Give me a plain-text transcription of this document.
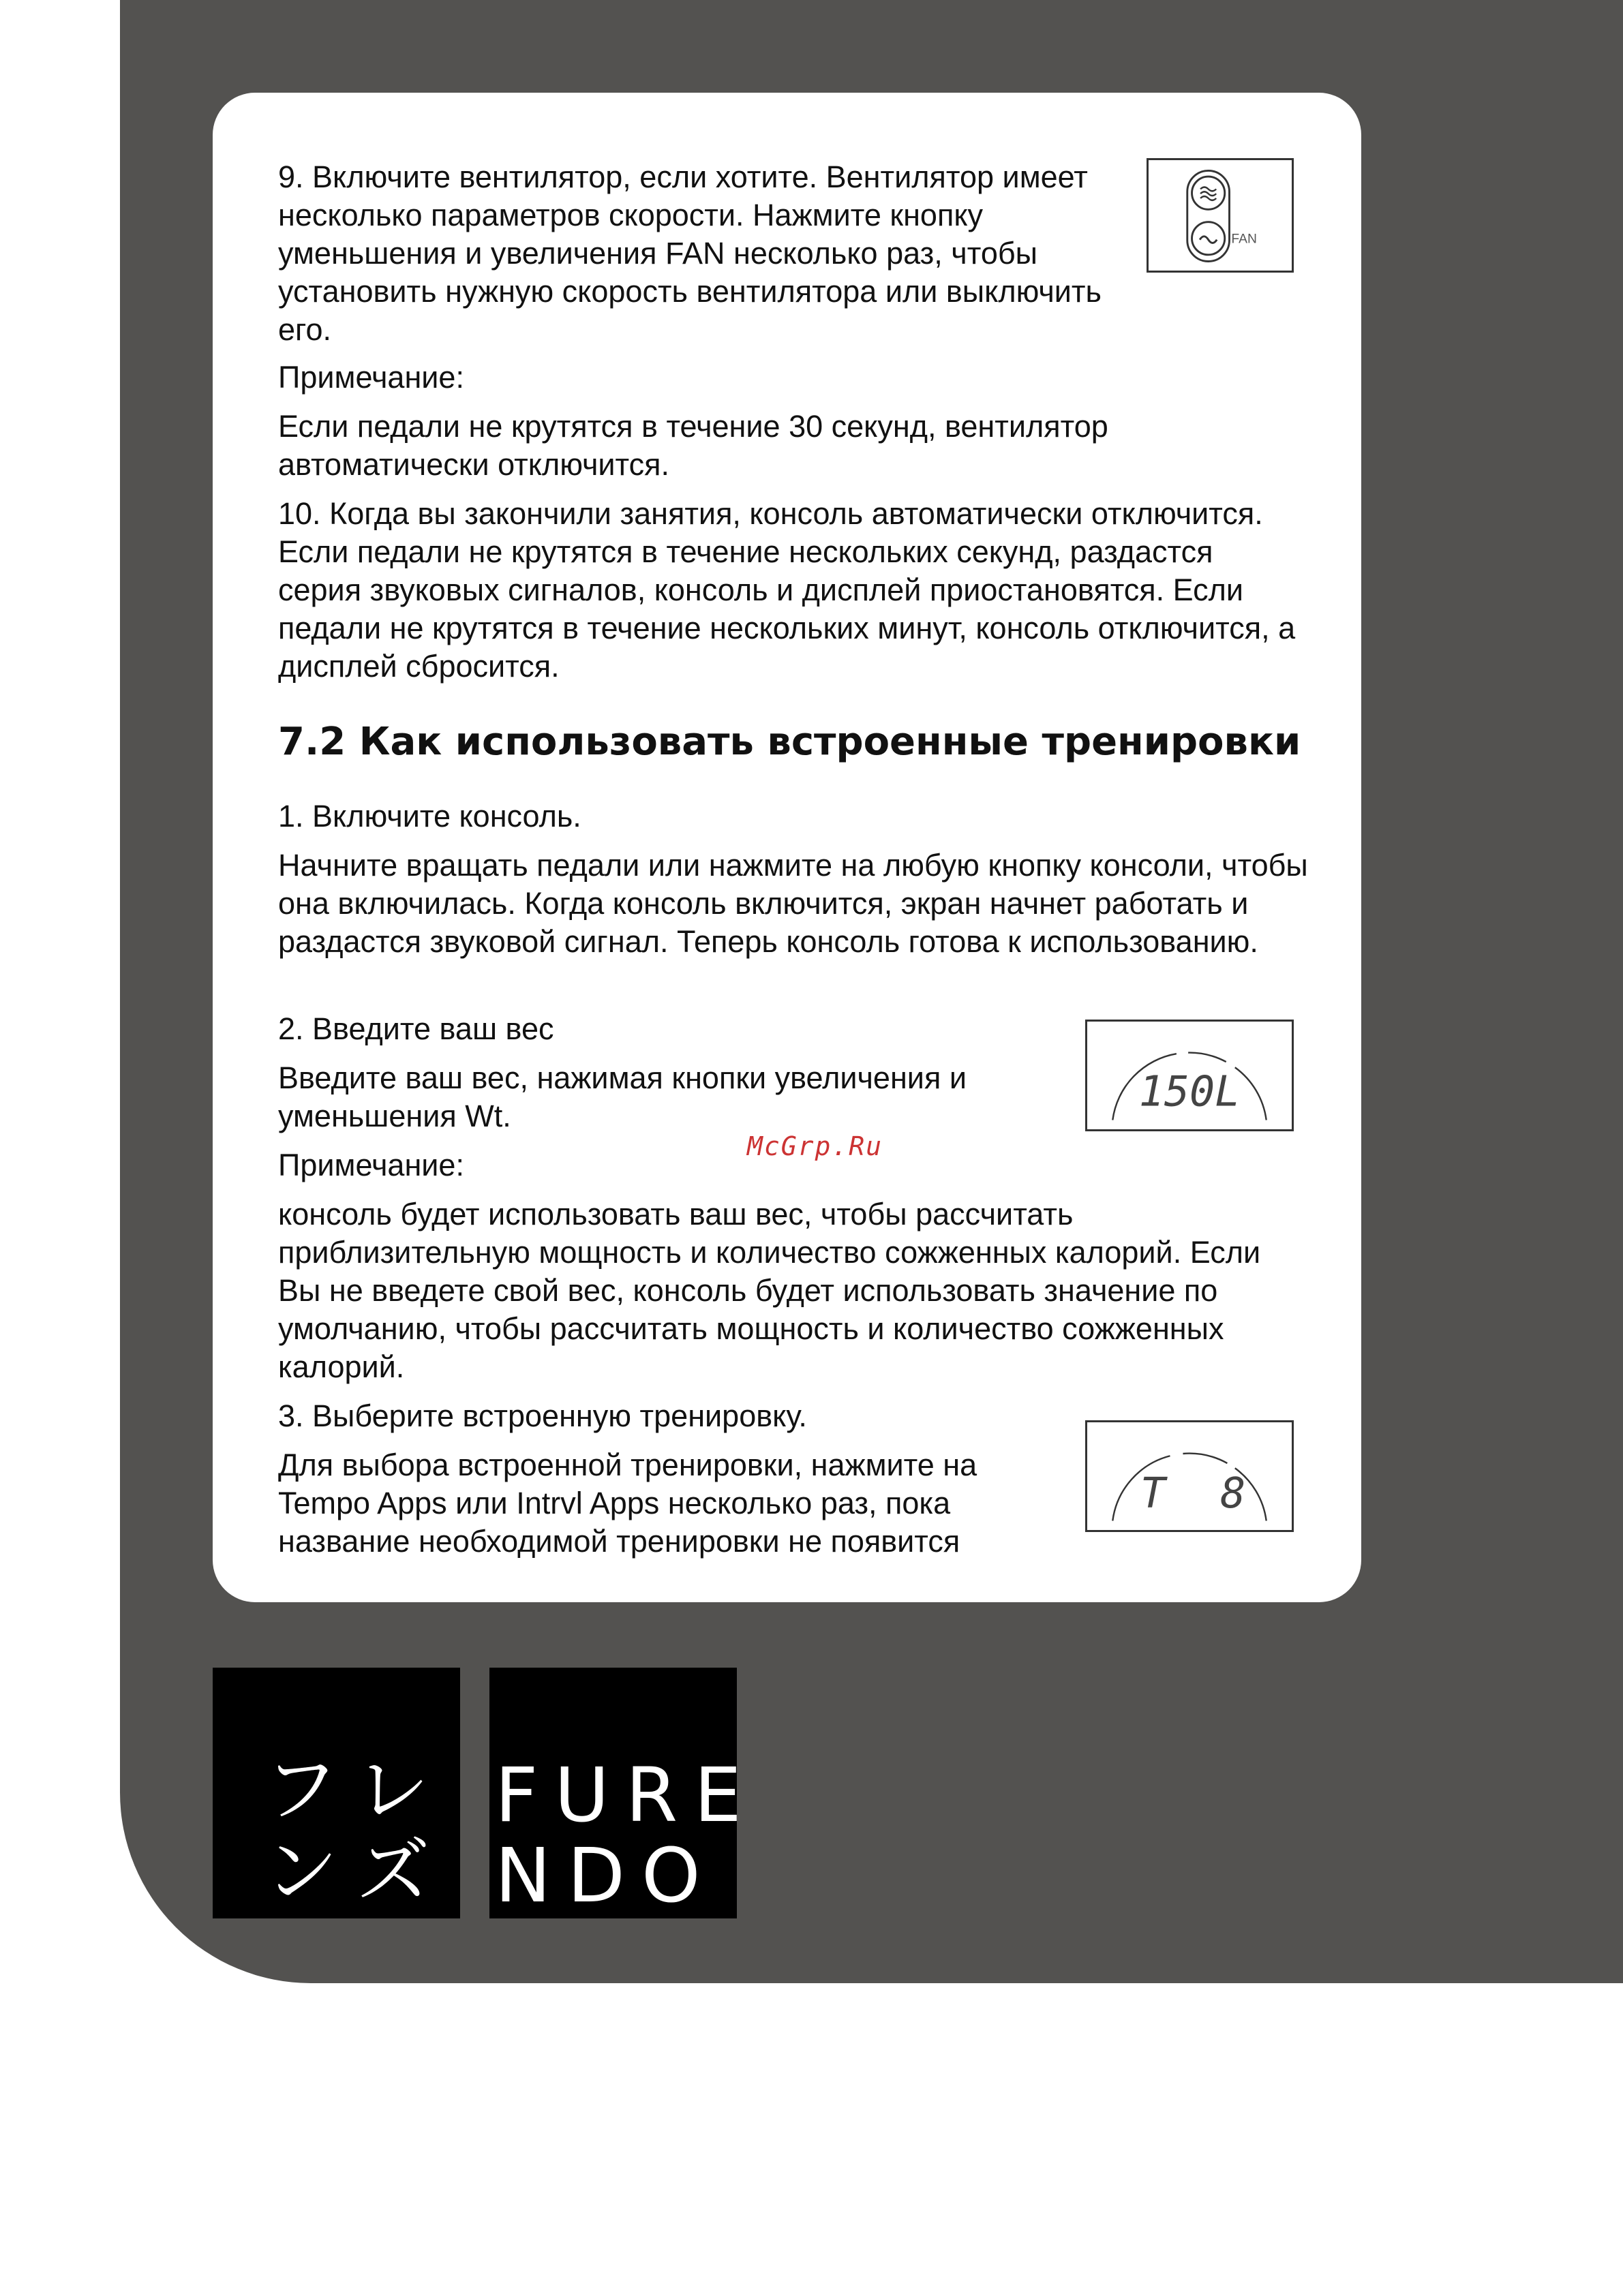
9. Включите вентилятор, если хотите. Вентилятор имеет несколько параметров скорости. Нажмите кнопку уменьшения и увеличения FAN несколько раз, чтобы установить нужную скорость вентилятора или выключить его.

Примечание:

Если педали не крутятся в течение 30 секунд, вентилятор автоматически отключится.

10. Когда вы закончили занятия, консоль автоматически отключится. Если педали не крутятся в течение нескольких секунд, раздастся серия звуковых сигналов, консоль и дисплей приостановятся. Если педали не крутятся в течение нескольких минут, консоль отключится, а дисплей сбросится.

7.2 Как использовать встроенные тренировки

1. Включите консоль.

Начните вращать педали или нажмите на любую кнопку консоли, чтобы она включилась. Когда консоль включится, экран начнет работать и раздастся звуковой сигнал. Теперь консоль готова к использованию.

2. Введите ваш вес

Введите ваш вес, нажимая кнопки увеличения и уменьшения Wt.

Примечание:

консоль будет использовать ваш вес, чтобы рассчитать приблизительную мощность и количество сожженных калорий. Если Вы не введете свой вес, консоль будет использовать значение по умолчанию, чтобы рассчитать мощность и количество сожженных калорий.

3. Выберите встроенную тренировку.

Для выбора встроенной тренировки, нажмите на Tempo Apps или Intrvl Apps несколько раз, пока название необходимой тренировки не появится

FAN
150L
T 8

McGrp.Ru

フレ

ンズ

FURE

NDO
